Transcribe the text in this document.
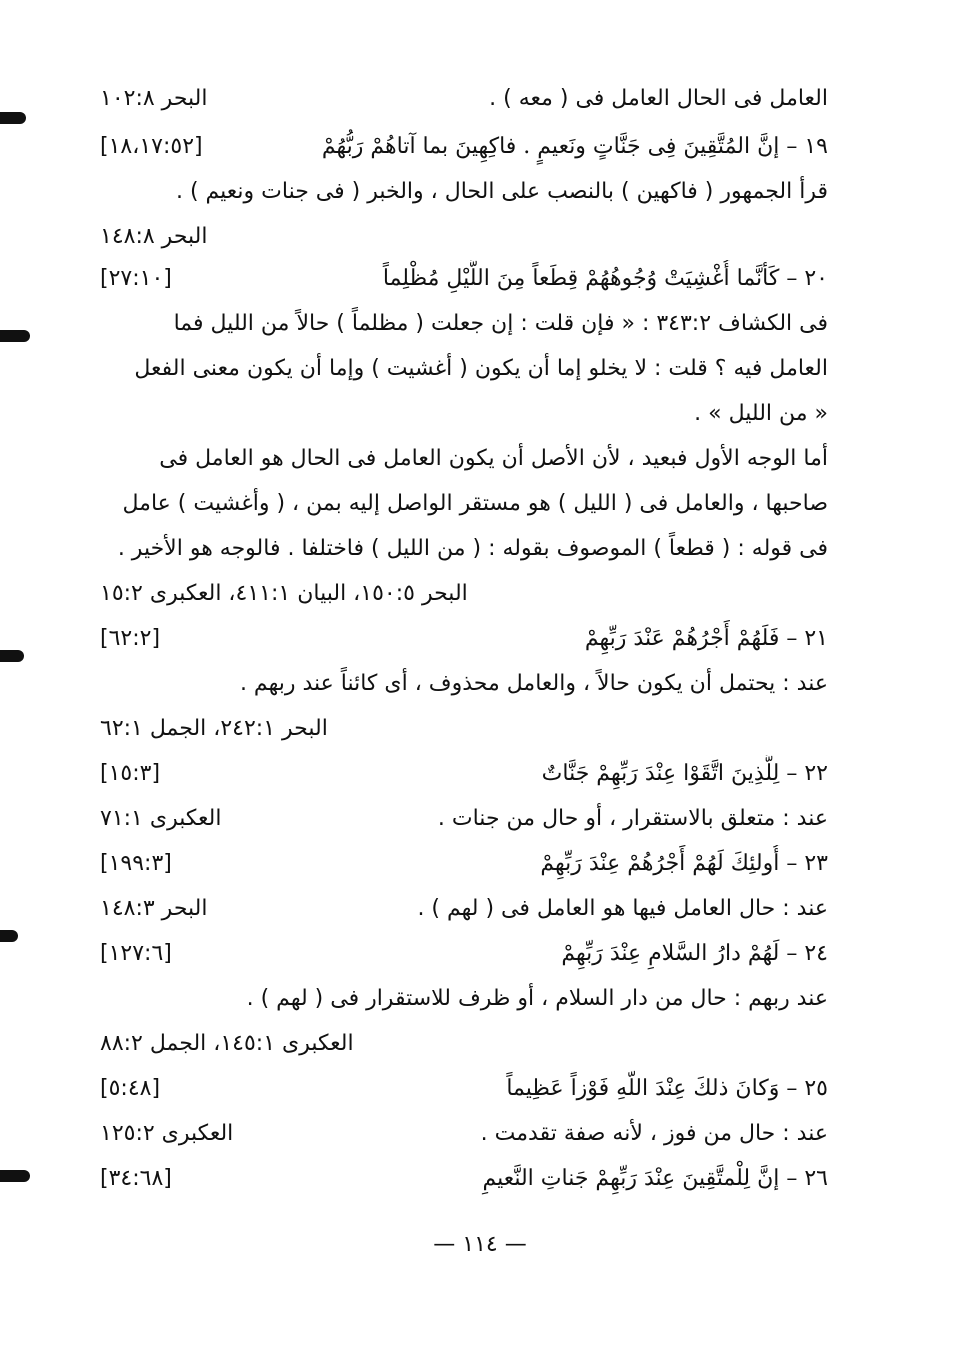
العامل فى الحال العامل فى ( معه ) .
البحر ١٠٢:٨
١٩ – إنَّ المُتَّقِينَ فِى جَنَّاتٍ ونَعيمٍ . فاكِهِينَ بما آتاهُمْ رَبُّهُمْ
[١٨،١٧:٥٢]
قرأ الجمهور ( فاكهين ) بالنصب على الحال ، والخبر ( فى جنات ونعيم ) .
البحر ١٤٨:٨
٢٠ – كَأنَّما أُغْشِيَتْ وُجُوهُهُمْ قِطَعاً مِنَ اللَّيْلِ مُظْلِماً
[٢٧:١٠]
فى الكشاف ٣٤٣:٢ : « فإن قلت : إن جعلت ( مظلماً ) حالاً من الليل فما
العامل فيه ؟ قلت : لا يخلو إما أن يكون ( أغشيت ) وإما أن يكون معنى الفعل
« من الليل » .
أما الوجه الأول فبعيد ، لأن الأصل أن يكون العامل فى الحال هو العامل فى
صاحبها ، والعامل فى ( الليل ) هو مستقر الواصل إليه بمن ، ( وأغشيت ) عامل
فى قوله : ( قطعاً ) الموصوف بقوله : ( من الليل ) فاختلفا . فالوجه هو الأخير .
البحر ١٥٠:٥، البيان ٤١١:١، العكبرى ١٥:٢
٢١ – فَلَهُمْ أَجْرُهُمْ عَنْدَ رَبِّهِمْ
[٦٢:٢]
عند : يحتمل أن يكون حالاً ، والعامل محذوف ، أى كائناً عند ربهم .
البحر ٢٤٢:١، الجمل ٦٢:١
٢٢ – لِلَّذِينَ اتَّقَوْا عِنْدَ رَبِّهِمْ جَنَّاتٌ
[١٥:٣]
عند : متعلق بالاستقرار ، أو حال من جنات .
العكبرى ٧١:١
٢٣ – أُولئِكَ لَهُمْ أَجْرُهُمْ عِنْدَ رَبِّهِمْ
[١٩٩:٣]
عند : حال العامل فيها هو العامل فى ( لهم ) .
البحر ١٤٨:٣
٢٤ – لَهُمْ دارُ السَّلامِ عِنْدَ رَبِّهِمْ
[١٢٧:٦]
عند ربهم : حال من دار السلام ، أو ظرف للاستقرار فى ( لهم ) .
العكبرى ١٤٥:١، الجمل ٨٨:٢
٢٥ – وَكانَ ذلكَ عِنْدَ اللّهِ فَوْزاً عَظِيماً
[٥:٤٨]
عند : حال من فوز ، لأنه صفة تقدمت .
العكبرى ١٢٥:٢
٢٦ – إنَّ لِلْمتَّقِينَ عِنْدَ رَبِّهِمْ جَناتِ النَّعيمِ
[٣٤:٦٨]
— ١١٤ —
